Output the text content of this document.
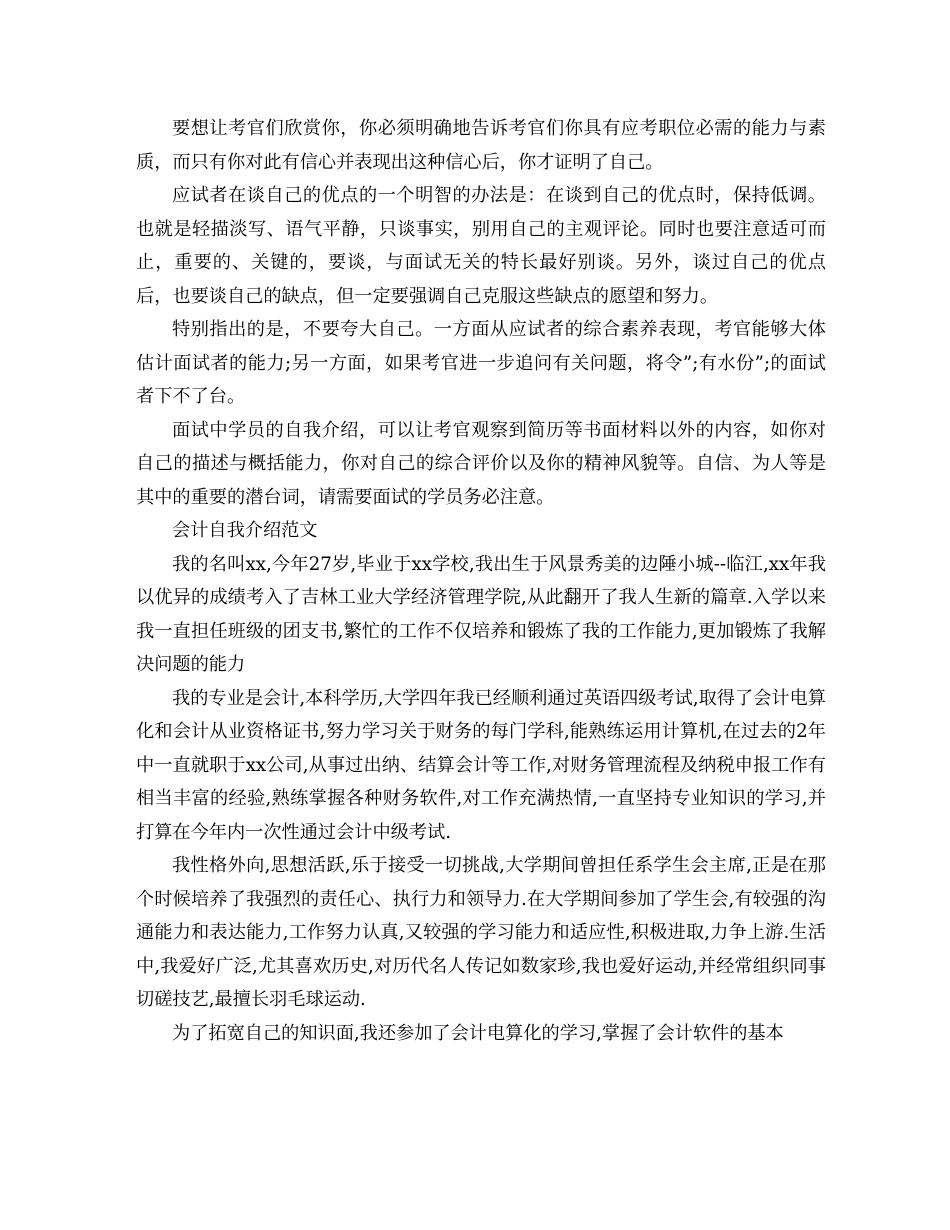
要想让考官们欣赏你，你必须明确地告诉考官们你具有应考职位必需的能力与素质，而只有你对此有信心并表现出这种信心后，你才证明了自己。

应试者在谈自己的优点的一个明智的办法是：在谈到自己的优点时，保持低调。也就是轻描淡写、语气平静，只谈事实，别用自己的主观评论。同时也要注意适可而止，重要的、关键的，要谈，与面试无关的特长最好别谈。另外，谈过自己的优点后，也要谈自己的缺点，但一定要强调自己克服这些缺点的愿望和努力。

特别指出的是，不要夸大自己。一方面从应试者的综合素养表现，考官能够大体估计面试者的能力;另一方面，如果考官进一步追问有关问题，将令”;有水份”;的面试者下不了台。

面试中学员的自我介绍，可以让考官观察到简历等书面材料以外的内容，如你对自己的描述与概括能力，你对自己的综合评价以及你的精神风貌等。自信、为人等是其中的重要的潜台词，请需要面试的学员务必注意。

会计自我介绍范文

我的名叫xx,今年27岁,毕业于xx学校,我出生于风景秀美的边陲小城--临江,xx年我以优异的成绩考入了吉林工业大学经济管理学院,从此翻开了我人生新的篇章.入学以来我一直担任班级的团支书,繁忙的工作不仅培养和锻炼了我的工作能力,更加锻炼了我解决问题的能力

我的专业是会计,本科学历,大学四年我已经顺利通过英语四级考试,取得了会计电算化和会计从业资格证书,努力学习关于财务的每门学科,能熟练运用计算机,在过去的2年中一直就职于xx公司,从事过出纳、结算会计等工作,对财务管理流程及纳税申报工作有相当丰富的经验,熟练掌握各种财务软件,对工作充满热情,一直坚持专业知识的学习,并打算在今年内一次性通过会计中级考试.

我性格外向,思想活跃,乐于接受一切挑战,大学期间曾担任系学生会主席,正是在那个时候培养了我强烈的责任心、执行力和领导力.在大学期间参加了学生会,有较强的沟通能力和表达能力,工作努力认真,又较强的学习能力和适应性,积极进取,力争上游.生活中,我爱好广泛,尤其喜欢历史,对历代名人传记如数家珍,我也爱好运动,并经常组织同事切磋技艺,最擅长羽毛球运动.

为了拓宽自己的知识面,我还参加了会计电算化的学习,掌握了会计软件的基本
